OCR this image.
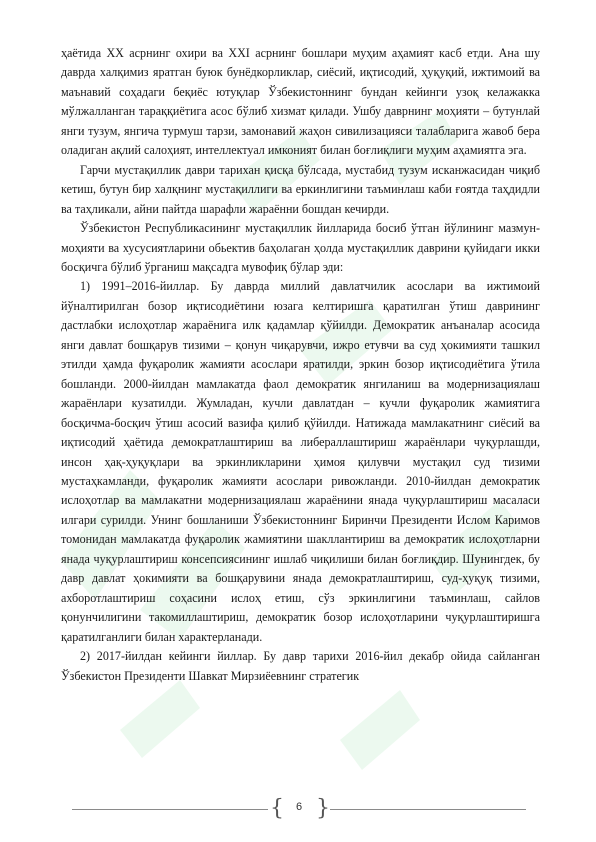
ҳаётида XX асрнинг охири ва XXI асрнинг бошлари муҳим аҳамият касб етди. Ана шу даврда халқимиз яратган буюк бунёдкорликлар, сиёсий, иқтисодий, ҳуқуқий, ижтимоий ва маънавий соҳадаги беқиёс ютуқлар Ўзбекистоннинг бундан кейинги узоқ келажакка мўлжалланган тараққиётига асос бўлиб хизмат қилади. Ушбу даврнинг моҳияти – бутунлай янги тузум, янгича турмуш тарзи, замонавий жаҳон сивилизацияси талабларига жавоб бера оладиган ақлий салоҳият, интеллектуал имконият билан боғлиқлиги муҳим аҳамиятга эга.

Гарчи мустақиллик даври тарихан қисқа бўлсада, мустабид тузум исканжасидан чиқиб кетиш, бутун бир халқнинг мустақиллиги ва еркинлигини таъминлаш каби ғоятда таҳдидли ва таҳликали, айни пайтда шарафли жараённи бошдан кечирди.

Ўзбекистон Республикасининг мустақиллик йилларида босиб ўтган йўлининг мазмун-моҳияти ва хусусиятларини обьектив баҳолаган ҳолда мустақиллик даврини қуйидаги икки босқичга бўлиб ўрганиш мақсадга мувофиқ бўлар эди:

1) 1991–2016-йиллар. Бу даврда миллий давлатчилик асослари ва ижтимоий йўналтирилган бозор иқтисодиётини юзага келтиришга қаратилган ўтиш даврининг дастлабки ислоҳотлар жараёнига илк қадамлар қўйилди. Демократик анъаналар асосида янги давлат бошқарув тизими – қонун чиқарувчи, ижро етувчи ва суд ҳокимияти ташкил этилди ҳамда фуқаролик жамияти асослари яратилди, эркин бозор иқтисодиётига ўтила бошланди. 2000-йилдан мамлакатда фаол демократик янгиланиш ва модернизациялаш жараёнлари кузатилди. Жумладан, кучли давлатдан – кучли фуқаролик жамиятига босқичма-босқич ўтиш асосий вазифа қилиб қўйилди. Натижада мамлакатнинг сиёсий ва иқтисодий ҳаётида демократлаштириш ва либераллаштириш жараёнлари чуқурлашди, инсон ҳақ-ҳуқуқлари ва эркинликларини ҳимоя қилувчи мустақил суд тизими мустаҳкамланди, фуқаролик жамияти асослари ривожланди. 2010-йилдан демократик ислоҳотлар ва мамлакатни модернизациялаш жараёнини янада чуқурлаштириш масаласи илгари сурилди. Унинг бошланиши Ўзбекистоннинг Биринчи Президенти Ислом Каримов томонидан мамлакатда фуқаролик жамиятини шакллантириш ва демократик ислоҳотларни янада чуқурлаштириш консепсиясининг ишлаб чиқилиши билан боғлиқдир. Шунингдек, бу давр давлат ҳокимияти ва бошқарувини янада демократлаштириш, суд-ҳуқуқ тизими, ахборотлаштириш соҳасини ислоҳ етиш, сўз эркинлигини таъминлаш, сайлов қонунчилигини такомиллаштириш, демократик бозор ислоҳотларини чуқурлаштиришга қаратилганлиги билан характерланади.

2) 2017-йилдан кейинги йиллар. Бу давр тарихи 2016-йил декабр ойида сайланган Ўзбекистон Президенти Шавкат Мирзиёевнинг стратегик

{	6 }
